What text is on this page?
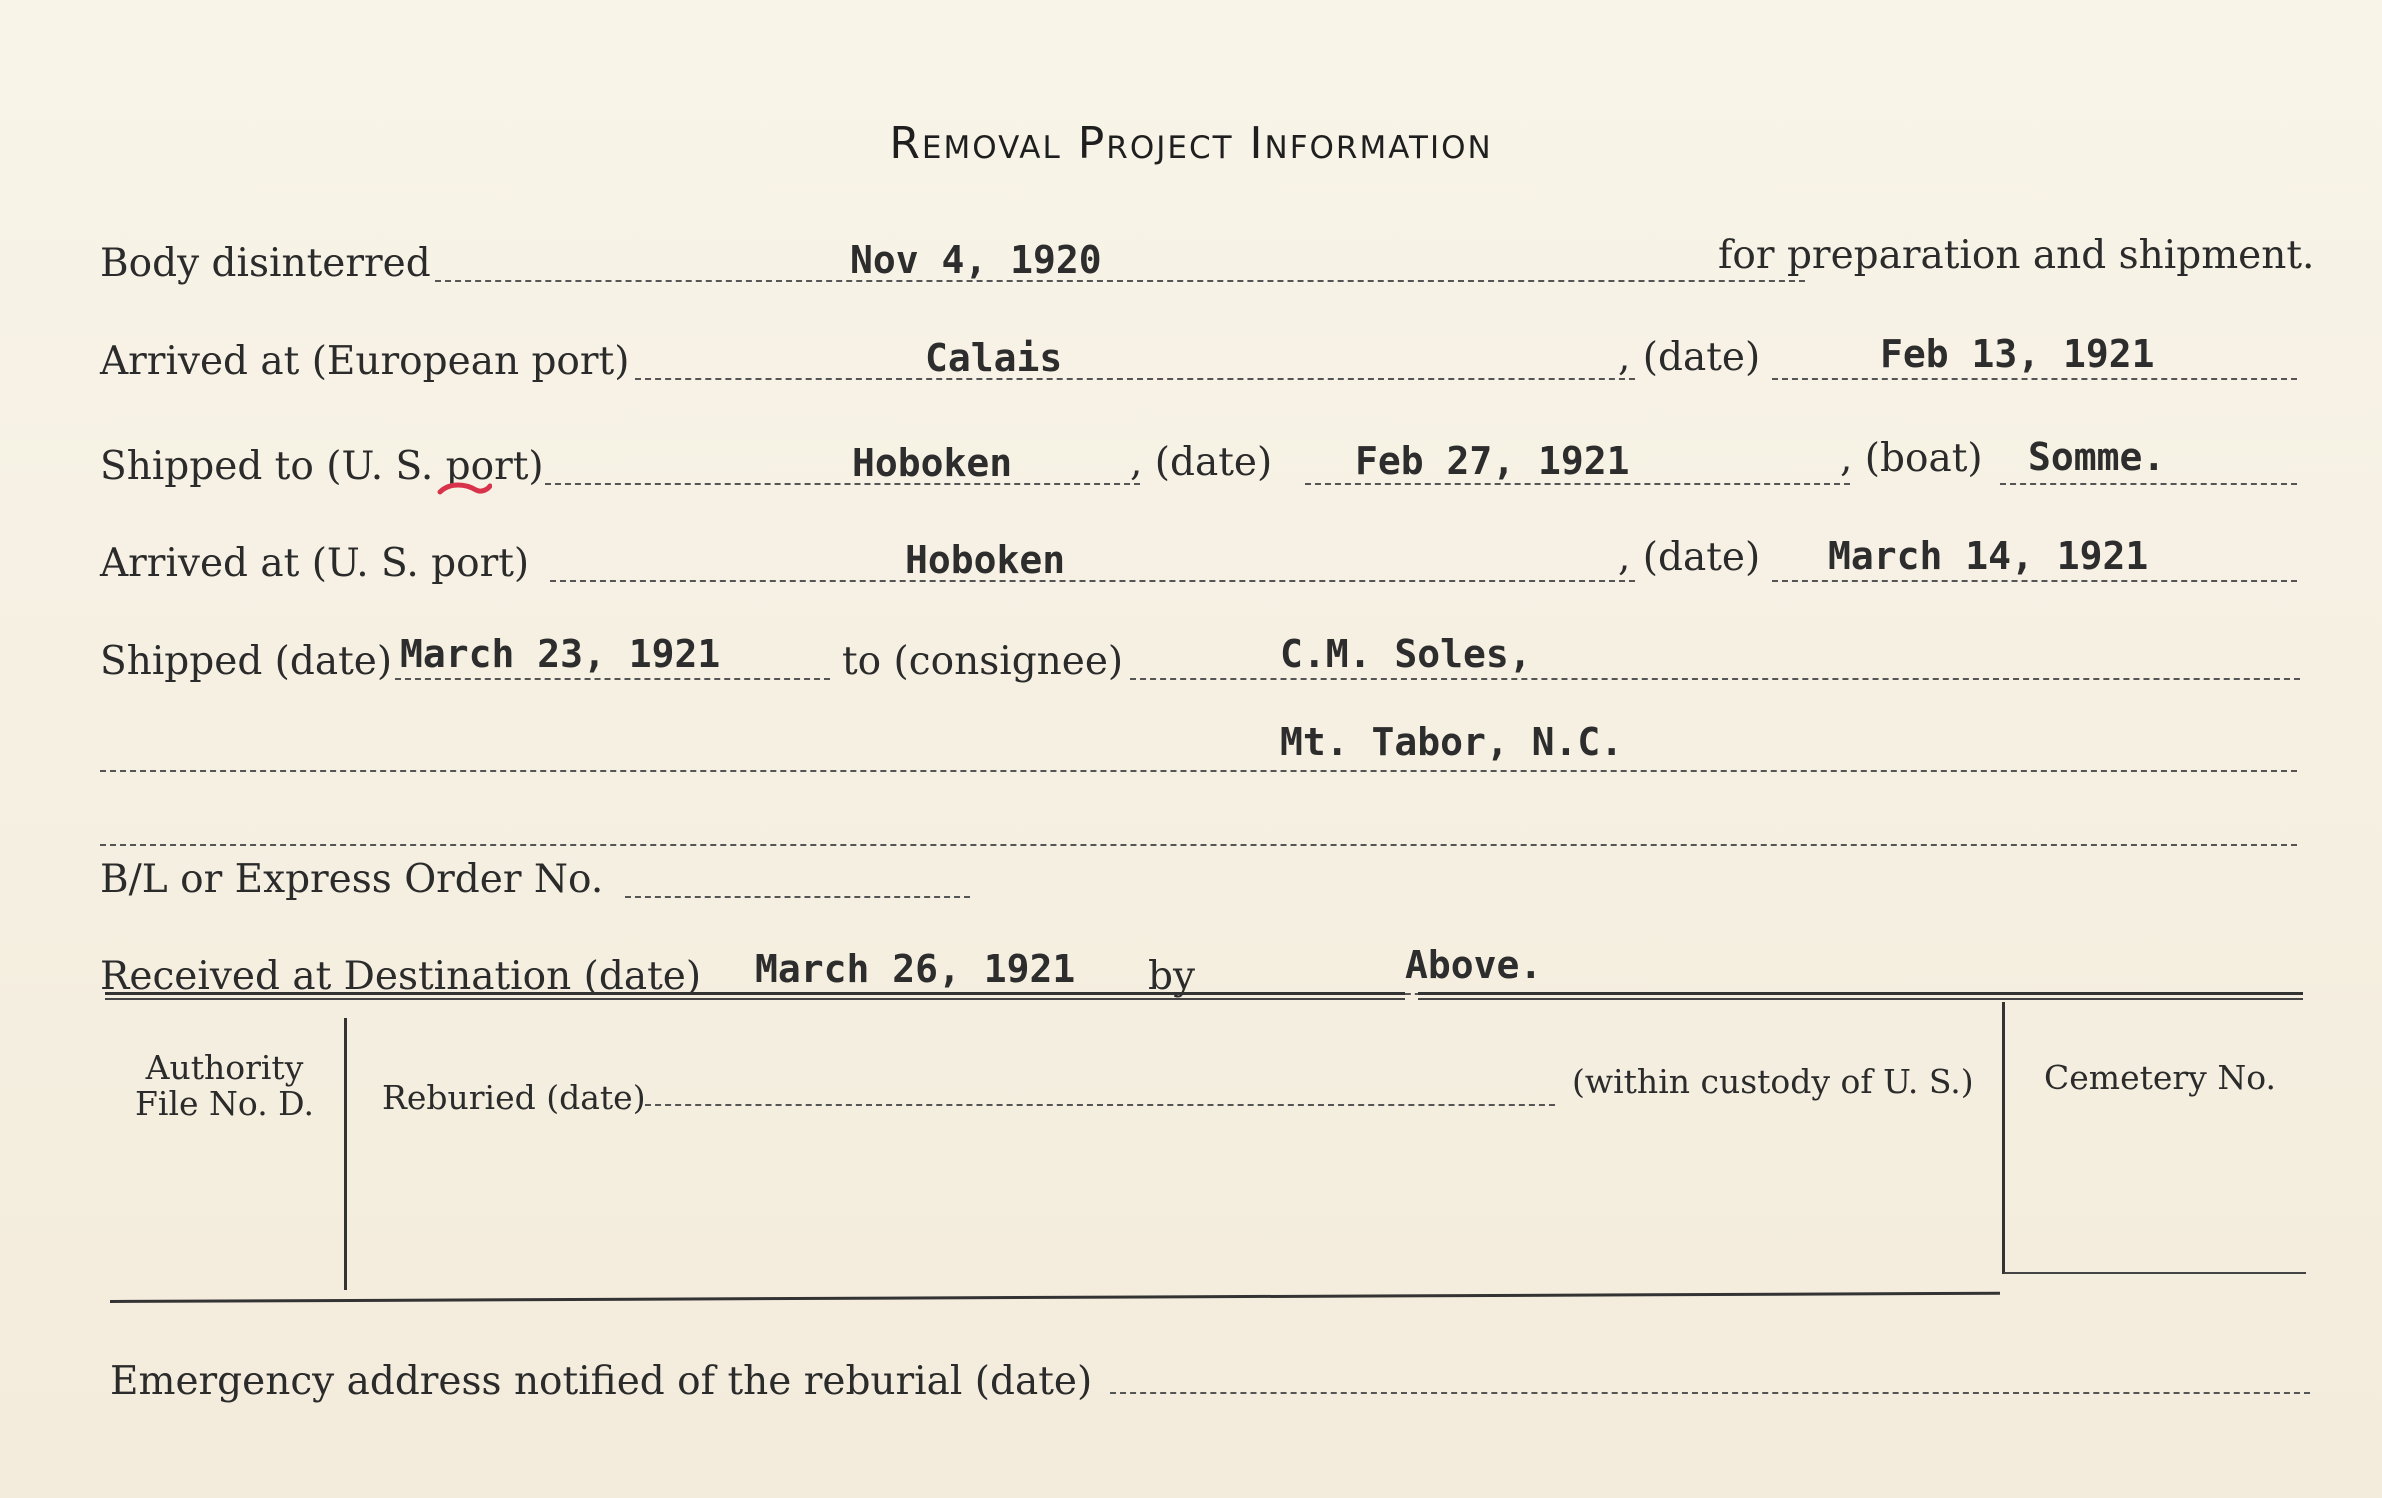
Removal Project Information
Body disinterred	Nov 4, 1920	for preparation and shipment.
Arrived at (European port)	Calais	, (date)	Feb 13, 1921
Shipped to (U. S. port)	Hoboken	, (date) Feb 27, 1921	, (boat) Somme.
Arrived at (U. S. port)	Hoboken	, (date) March 14, 1921
Shipped (date) March 23, 1921	to (consignee)	C.M. Soles,
Mt. Tabor, N.C.
B/L or Express Order No.
Received at Destination (date) March 26, 1921 by	Above.
Authority
File No. D.	Reburied (date)	(within custody of U. S.)	Cemetery No.
Emergency address notified of the reburial (date)
